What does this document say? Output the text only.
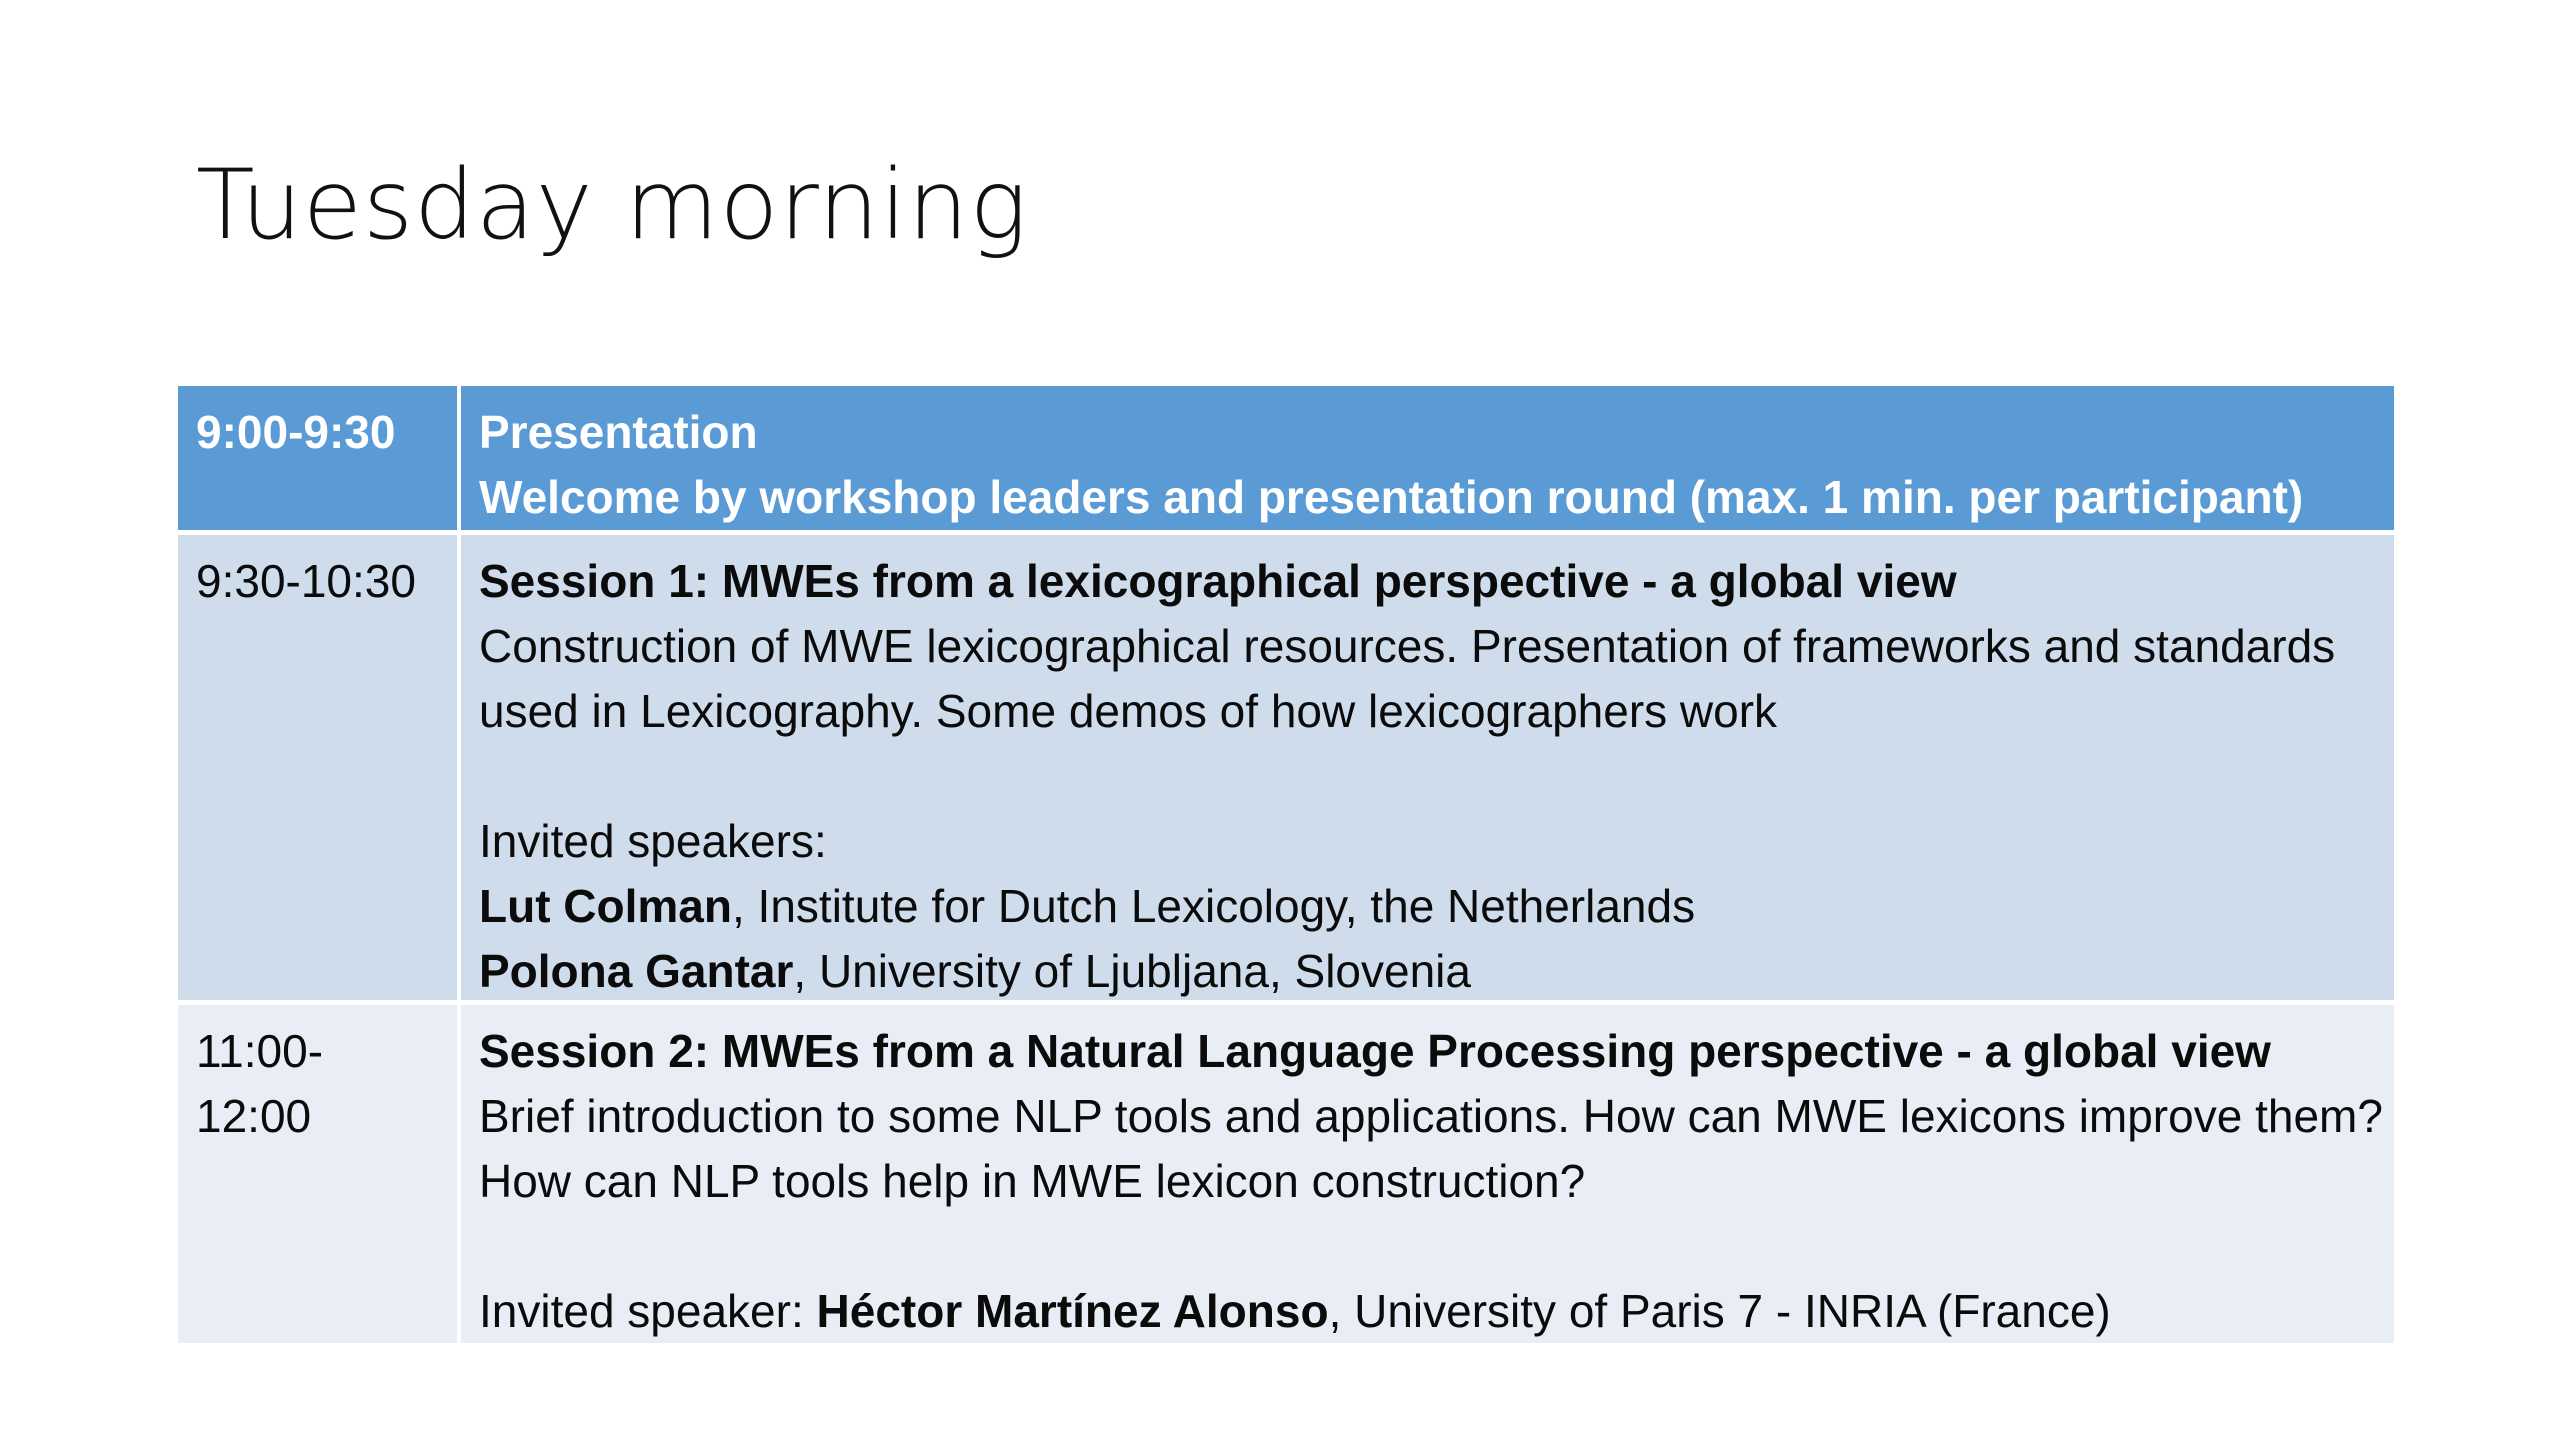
Tuesday morning
9:00-9:30	Presentation
Welcome by workshop leaders and presentation round (max. 1 min. per participant)
9:30-10:30	Session 1: MWEs from a lexicographical perspective - a global view
Construction of MWE lexicographical resources. Presentation of frameworks and standards used in Lexicography. Some demos of how lexicographers work
Invited speakers:
Lut Colman, Institute for Dutch Lexicology, the Netherlands
Polona Gantar, University of Ljubljana, Slovenia
11:00-
12:00
Session 2: MWEs from a Natural Language Processing perspective - a global view
Brief introduction to some NLP tools and applications. How can MWE lexicons improve them? How can NLP tools help in MWE lexicon construction?
Invited speaker: Héctor Martínez Alonso, University of Paris 7 - INRIA (France)
